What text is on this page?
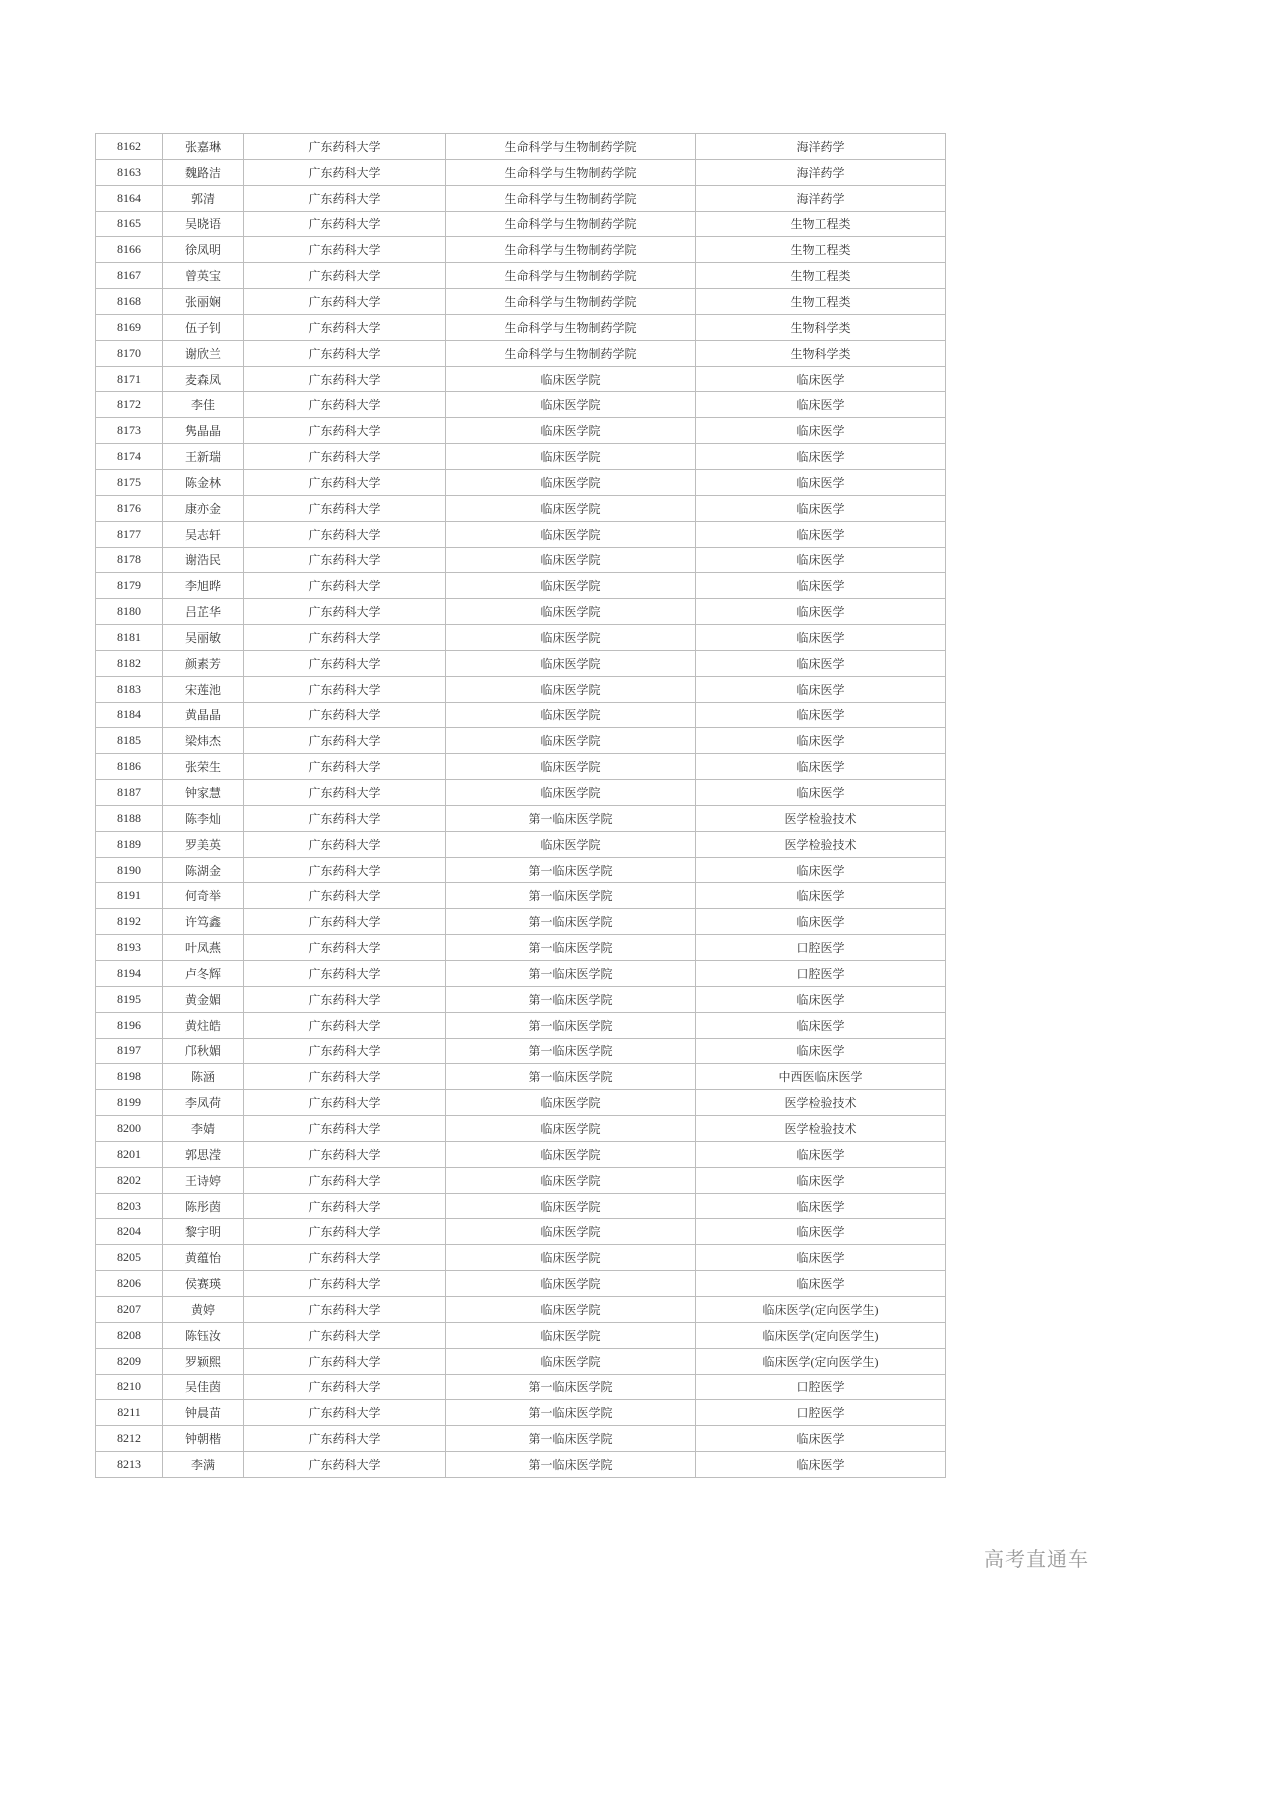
8162	张嘉琳	广东药科大学	生命科学与生物制药学院	海洋药学
8163	魏路洁	广东药科大学	生命科学与生物制药学院	海洋药学
8164	郭清	广东药科大学	生命科学与生物制药学院	海洋药学
8165	吴晓语	广东药科大学	生命科学与生物制药学院	生物工程类
8166	徐凤明	广东药科大学	生命科学与生物制药学院	生物工程类
8167	曾英宝	广东药科大学	生命科学与生物制药学院	生物工程类
8168	张丽娴	广东药科大学	生命科学与生物制药学院	生物工程类
8169	伍子钊	广东药科大学	生命科学与生物制药学院	生物科学类
8170	谢欣兰	广东药科大学	生命科学与生物制药学院	生物科学类
8171	麦森凤	广东药科大学	临床医学院	临床医学
8172	李佳	广东药科大学	临床医学院	临床医学
8173	隽晶晶	广东药科大学	临床医学院	临床医学
8174	王新瑞	广东药科大学	临床医学院	临床医学
8175	陈金林	广东药科大学	临床医学院	临床医学
8176	康亦金	广东药科大学	临床医学院	临床医学
8177	吴志轩	广东药科大学	临床医学院	临床医学
8178	谢浩民	广东药科大学	临床医学院	临床医学
8179	李旭晔	广东药科大学	临床医学院	临床医学
8180	吕芷华	广东药科大学	临床医学院	临床医学
8181	吴丽敏	广东药科大学	临床医学院	临床医学
8182	颜素芳	广东药科大学	临床医学院	临床医学
8183	宋莲池	广东药科大学	临床医学院	临床医学
8184	黄晶晶	广东药科大学	临床医学院	临床医学
8185	梁炜杰	广东药科大学	临床医学院	临床医学
8186	张荣生	广东药科大学	临床医学院	临床医学
8187	钟家慧	广东药科大学	临床医学院	临床医学
8188	陈李灿	广东药科大学	第一临床医学院	医学检验技术
8189	罗美英	广东药科大学	临床医学院	医学检验技术
8190	陈湖金	广东药科大学	第一临床医学院	临床医学
8191	何奇举	广东药科大学	第一临床医学院	临床医学
8192	许笃鑫	广东药科大学	第一临床医学院	临床医学
8193	叶凤燕	广东药科大学	第一临床医学院	口腔医学
8194	卢冬辉	广东药科大学	第一临床医学院	口腔医学
8195	黄金媚	广东药科大学	第一临床医学院	临床医学
8196	黄炷皓	广东药科大学	第一临床医学院	临床医学
8197	邝秋媚	广东药科大学	第一临床医学院	临床医学
8198	陈涵	广东药科大学	第一临床医学院	中西医临床医学
8199	李凤荷	广东药科大学	临床医学院	医学检验技术
8200	李婧	广东药科大学	临床医学院	医学检验技术
8201	郭思滢	广东药科大学	临床医学院	临床医学
8202	王诗婷	广东药科大学	临床医学院	临床医学
8203	陈彤茵	广东药科大学	临床医学院	临床医学
8204	黎宇明	广东药科大学	临床医学院	临床医学
8205	黄蕴怡	广东药科大学	临床医学院	临床医学
8206	侯赛瑛	广东药科大学	临床医学院	临床医学
8207	黄婷	广东药科大学	临床医学院	临床医学(定向医学生)
8208	陈钰汝	广东药科大学	临床医学院	临床医学(定向医学生)
8209	罗颖熙	广东药科大学	临床医学院	临床医学(定向医学生)
8210	吴佳茵	广东药科大学	第一临床医学院	口腔医学
8211	钟晨苗	广东药科大学	第一临床医学院	口腔医学
8212	钟朝楷	广东药科大学	第一临床医学院	临床医学
8213	李满	广东药科大学	第一临床医学院	临床医学
高考直通车
